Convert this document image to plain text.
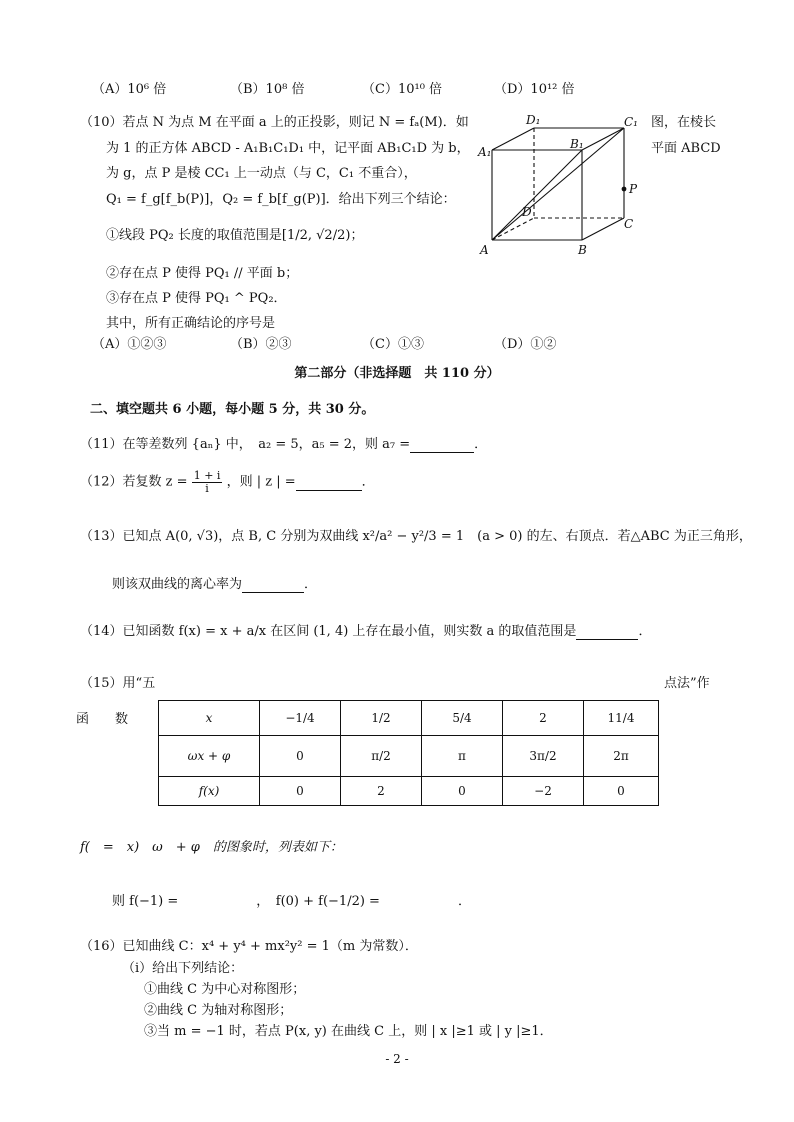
（A）10⁶ 倍	（B）10⁸ 倍	（C）10¹⁰ 倍	（D）10¹² 倍
（10）若点 N 为点 M 在平面 a 上的正投影，则记 N = fₐ(M)．如	图，在棱长
为 1 的正方体 ABCD - A₁B₁C₁D₁ 中，记平面 AB₁C₁D 为 b，	平面 ABCD
为 g，点 P 是棱 CC₁ 上一动点（与 C，C₁ 不重合），
Q₁ = f_g[f_b(P)]，Q₂ = f_b[f_g(P)]．给出下列三个结论：
①线段 PQ₂ 长度的取值范围是[1/2, √2/2)；
②存在点 P 使得 PQ₁ // 平面 b；
③存在点 P 使得 PQ₁ ^ PQ₂．
其中，所有正确结论的序号是
（A）①②③	（B）②③	（C）①③	（D）①②
D₁	C₁
A₁
B₁
P
D
C
A	B
第二部分（非选择题　共 110 分）
二、填空题共 6 小题，每小题 5 分，共 30 分。
（11）在等差数列 {aₙ} 中，　a₂ = 5，a₅ = 2，则 a₇ =	．
（12）若复数 $z = \frac{1 + i}{i}$ ，则 | z | =	．
（13）已知点 A(0, √3)，点 B, C 分别为双曲线 x²/a² − y²/3 = 1　(a > 0) 的左、右顶点．若△ABC 为正三角形，
则该双曲线的离心率为	．
（14）已知函数 f(x) = x + a/x 在区间 (1, 4) 上存在最小值，则实数 a 的取值范围是	．
（15）用“五	点法”作
函　　数	x	−1/4	1/2	5/4	2	11/4
ωx + φ	0	π/2	π	3π/2	2π
f(x)	0	2	0	−2	0
f(　=　x)　ω　+ φ　的图象时，列表如下：
则 f(−1) =　　　　　　，　f(0) + f(−1/2) =　　　　　　．
（16）已知曲线 C：x⁴ + y⁴ + mx²y² = 1（m 为常数）．
（i）给出下列结论：
①曲线 C 为中心对称图形；
②曲线 C 为轴对称图形；
③当 m = −1 时，若点 P(x, y) 在曲线 C 上，则 | x |≥1 或 | y |≥1．
- 2 -
